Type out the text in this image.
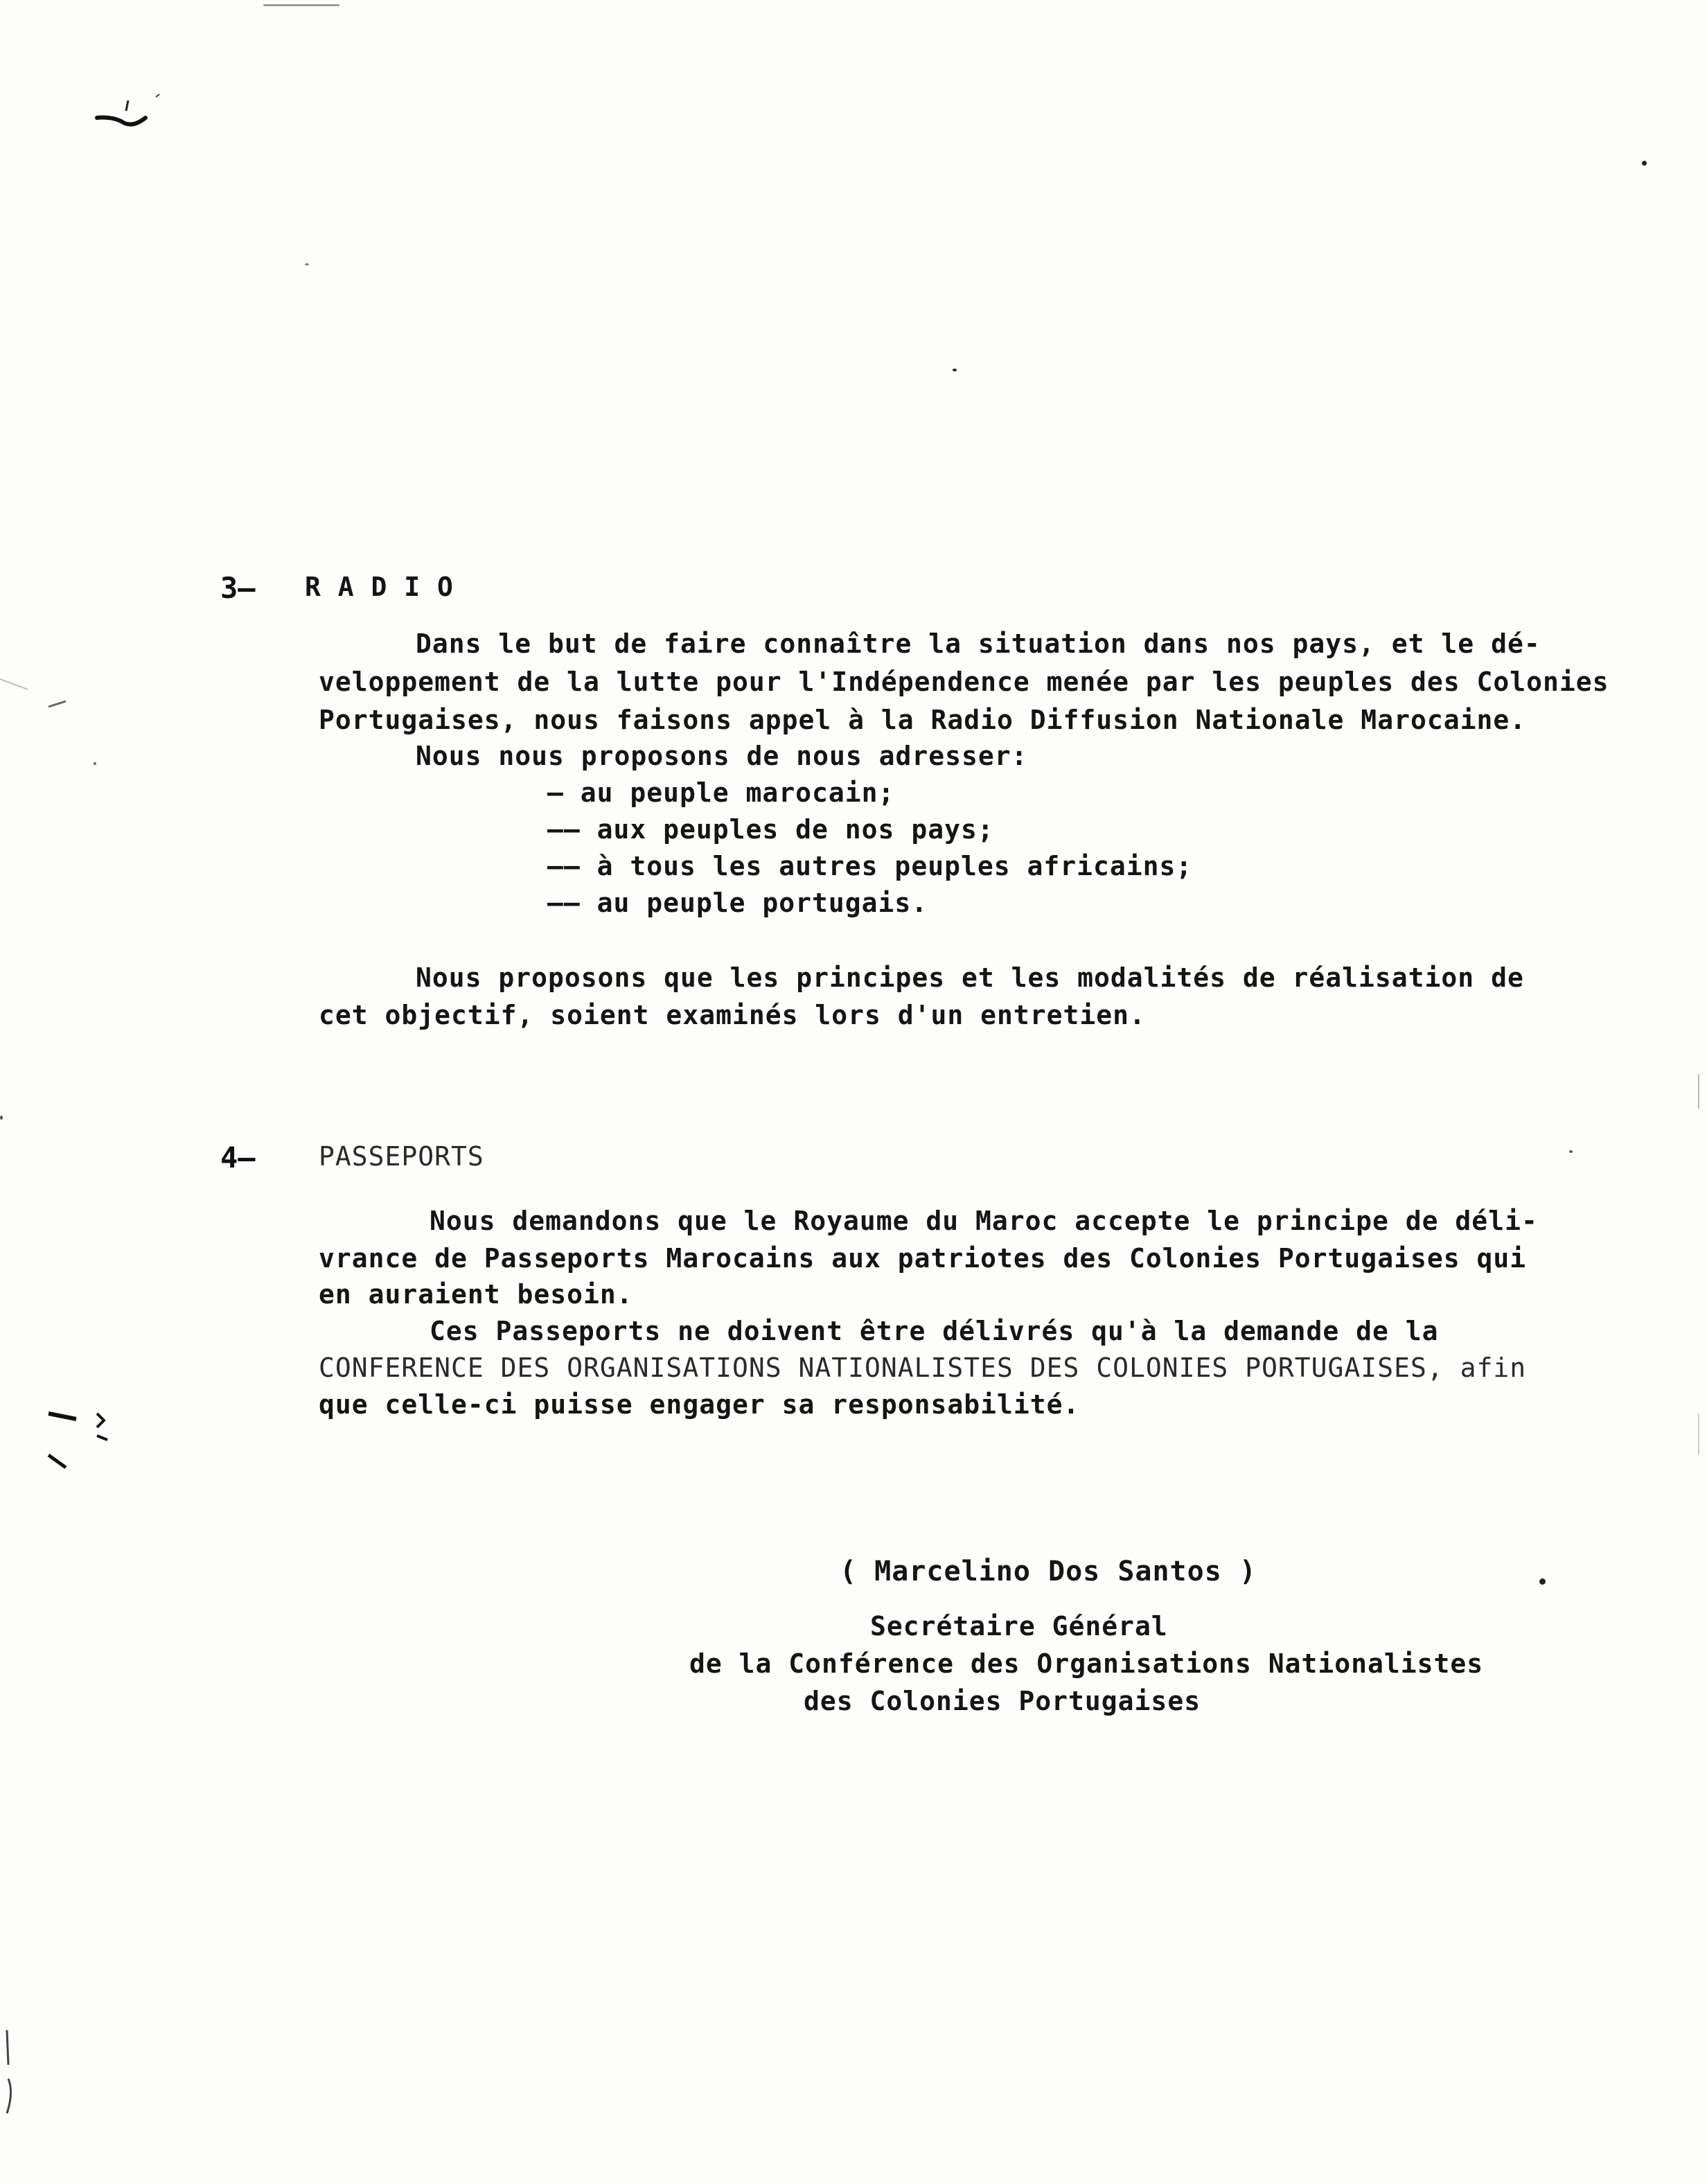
3— R A D I O
Dans le but de faire connaître la situation dans nos pays, et le dé-
veloppement de la lutte pour l'Indépendence menée par les peuples des Colonies
Portugaises, nous faisons appel à la Radio Diffusion Nationale Marocaine.
Nous nous proposons de nous adresser:
— au peuple marocain;
—— aux peuples de nos pays;
—— à tous les autres peuples africains;
—— au peuple portugais.
Nous proposons que les principes et les modalités de réalisation de
cet objectif, soient examinés lors d'un entretien.
4— PASSEPORTS
Nous demandons que le Royaume du Maroc accepte le principe de déli-
vrance de Passeports Marocains aux patriotes des Colonies Portugaises qui
en auraient besoin.
Ces Passeports ne doivent être délivrés qu'à la demande de la
CONFERENCE DES ORGANISATIONS NATIONALISTES DES COLONIES PORTUGAISES, afin
que celle-ci puisse engager sa responsabilité.
( Marcelino Dos Santos )
Secrétaire Général
de la Conférence des Organisations Nationalistes
des Colonies Portugaises
